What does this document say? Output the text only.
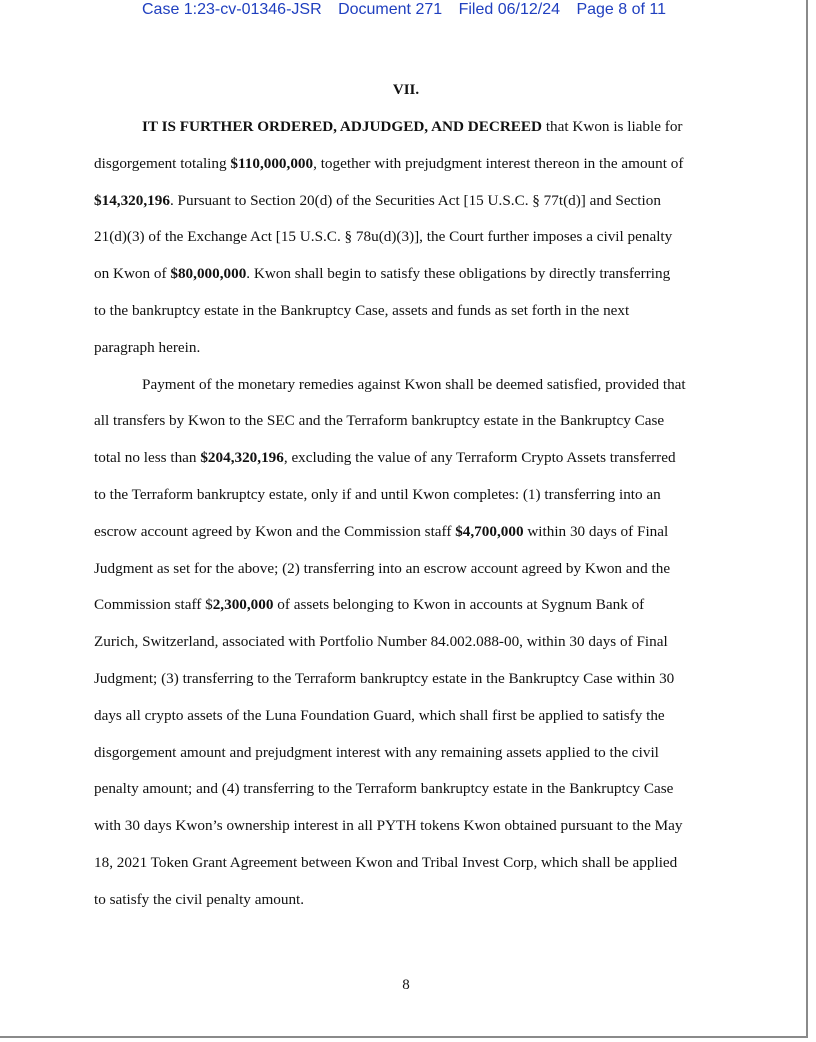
Case 1:23-cv-01346-JSR Document 271 Filed 06/12/24 Page 8 of 11
VII.
IT IS FURTHER ORDERED, ADJUDGED, AND DECREED that Kwon is liable for
disgorgement totaling $110,000,000, together with prejudgment interest thereon in the amount of
$14,320,196. Pursuant to Section 20(d) of the Securities Act [15 U.S.C. § 77t(d)] and Section
21(d)(3) of the Exchange Act [15 U.S.C. § 78u(d)(3)], the Court further imposes a civil penalty
on Kwon of $80,000,000. Kwon shall begin to satisfy these obligations by directly transferring
to the bankruptcy estate in the Bankruptcy Case, assets and funds as set forth in the next
paragraph herein.
Payment of the monetary remedies against Kwon shall be deemed satisfied, provided that
all transfers by Kwon to the SEC and the Terraform bankruptcy estate in the Bankruptcy Case
total no less than $204,320,196, excluding the value of any Terraform Crypto Assets transferred
to the Terraform bankruptcy estate, only if and until Kwon completes: (1) transferring into an
escrow account agreed by Kwon and the Commission staff $4,700,000 within 30 days of Final
Judgment as set for the above; (2) transferring into an escrow account agreed by Kwon and the
Commission staff $2,300,000 of assets belonging to Kwon in accounts at Sygnum Bank of
Zurich, Switzerland, associated with Portfolio Number 84.002.088-00, within 30 days of Final
Judgment; (3) transferring to the Terraform bankruptcy estate in the Bankruptcy Case within 30
days all crypto assets of the Luna Foundation Guard, which shall first be applied to satisfy the
disgorgement amount and prejudgment interest with any remaining assets applied to the civil
penalty amount; and (4) transferring to the Terraform bankruptcy estate in the Bankruptcy Case
with 30 days Kwon’s ownership interest in all PYTH tokens Kwon obtained pursuant to the May
18, 2021 Token Grant Agreement between Kwon and Tribal Invest Corp, which shall be applied
to satisfy the civil penalty amount.
8
